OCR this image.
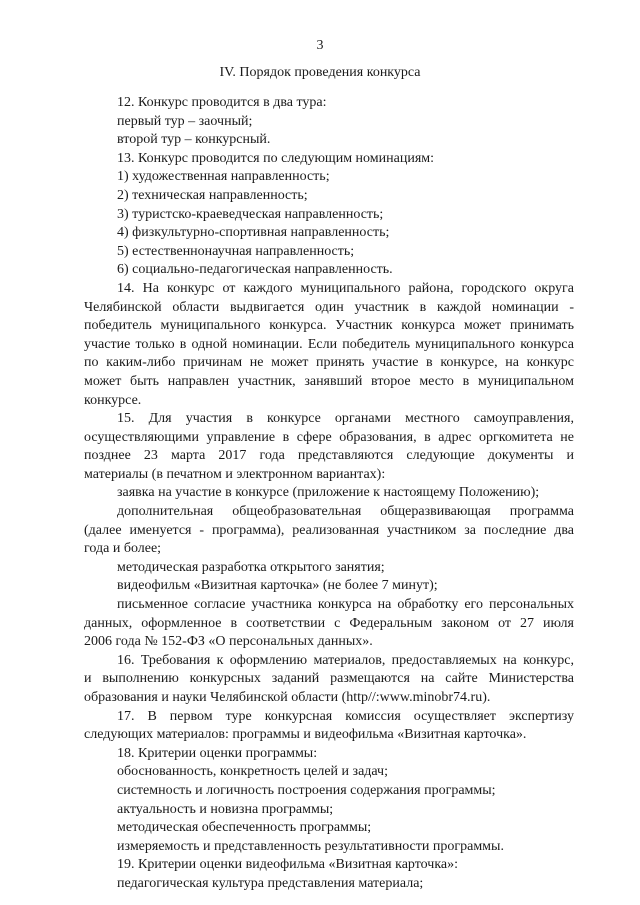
3
IV. Порядок проведения конкурса
12. Конкурс проводится в два тура:
первый тур – заочный;
второй тур – конкурсный.
13. Конкурс проводится по следующим номинациям:
1) художественная направленность;
2) техническая направленность;
3) туристско-краеведческая направленность;
4) физкультурно-спортивная направленность;
5) естественнонаучная направленность;
6) социально-педагогическая направленность.
14. На конкурс от каждого муниципального района, городского округа
Челябинской области выдвигается один участник в каждой номинации -
победитель муниципального конкурса. Участник конкурса может принимать
участие только в одной номинации. Если победитель муниципального конкурса
по каким-либо причинам не может принять участие в конкурсе, на конкурс
может быть направлен участник, занявший второе место в муниципальном
конкурсе.
15. Для участия в конкурсе органами местного самоуправления,
осуществляющими управление в сфере образования, в адрес оргкомитета не
позднее 23 марта 2017 года представляются следующие документы и
материалы (в печатном и электронном вариантах):
заявка на участие в конкурсе (приложение к настоящему Положению);
дополнительная общеобразовательная общеразвивающая программа
(далее именуется - программа), реализованная участником за последние два
года и более;
методическая разработка открытого занятия;
видеофильм «Визитная карточка» (не более 7 минут);
письменное согласие участника конкурса на обработку его персональных
данных, оформленное в соответствии с Федеральным законом от 27 июля
2006 года № 152-ФЗ «О персональных данных».
16. Требования к оформлению материалов, предоставляемых на конкурс,
и выполнению конкурсных заданий размещаются на сайте Министерства
образования и науки Челябинской области (http//:www.minobr74.ru).
17. В первом туре конкурсная комиссия осуществляет экспертизу
следующих материалов: программы и видеофильма «Визитная карточка».
18. Критерии оценки программы:
обоснованность, конкретность целей и задач;
системность и логичность построения содержания программы;
актуальность и новизна программы;
методическая обеспеченность программы;
измеряемость и представленность результативности программы.
19. Критерии оценки видеофильма «Визитная карточка»:
педагогическая культура представления материала;
